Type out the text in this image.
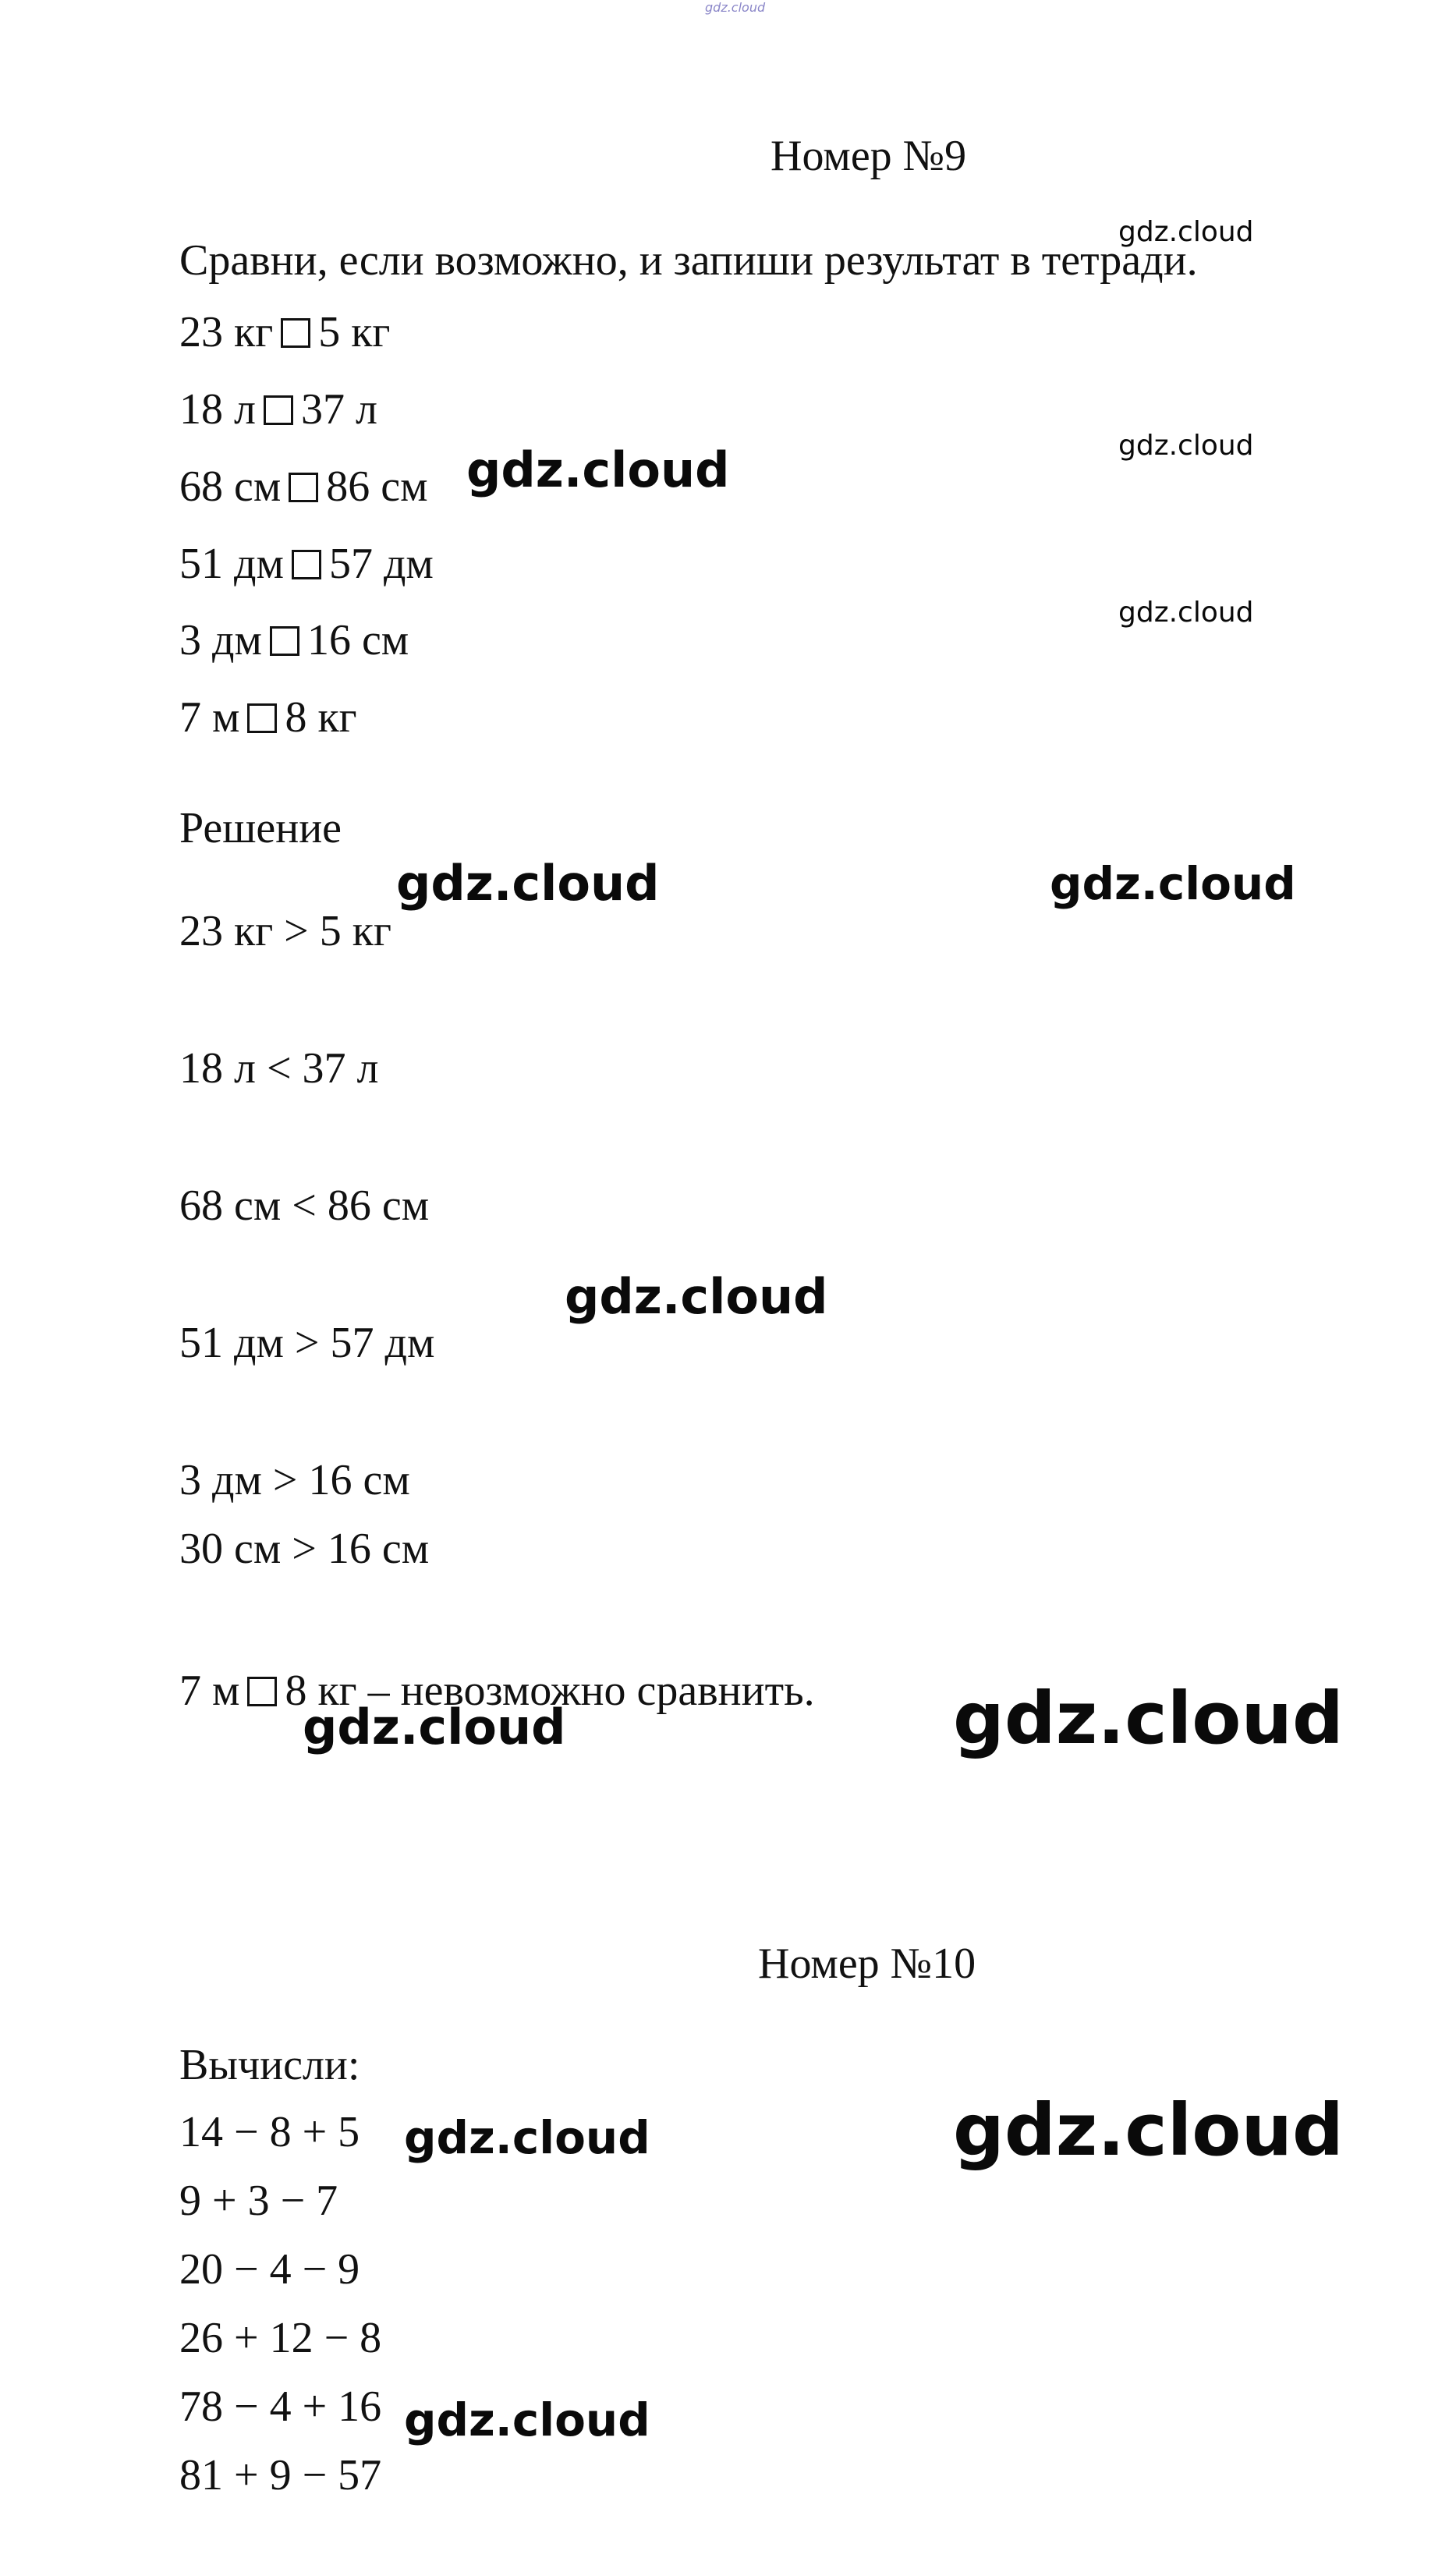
gdz.cloud
Номер №9
Сравни, если возможно, и запиши результат в тетради.
23 кг 5 кг
18 л 37 л
68 см 86 см
51 дм 57 дм
3 дм 16 см
7 м 8 кг
Решение
23 кг > 5 кг
18 л < 37 л
68 см < 86 см
51 дм > 57 дм
3 дм > 16 см
30 см > 16 см
7 м 8 кг – невозможно сравнить.
Номер №10
Вычисли:
14 − 8 + 5
9 + 3 − 7
20 − 4 − 9
26 + 12 − 8
78 − 4 + 16
81 + 9 − 57
gdz.cloud
gdz.cloud
gdz.cloud
gdz.cloud
gdz.cloud	gdz.cloud
gdz.cloud
gdz.cloud	gdz.cloud
gdz.cloud	gdz.cloud
gdz.cloud
